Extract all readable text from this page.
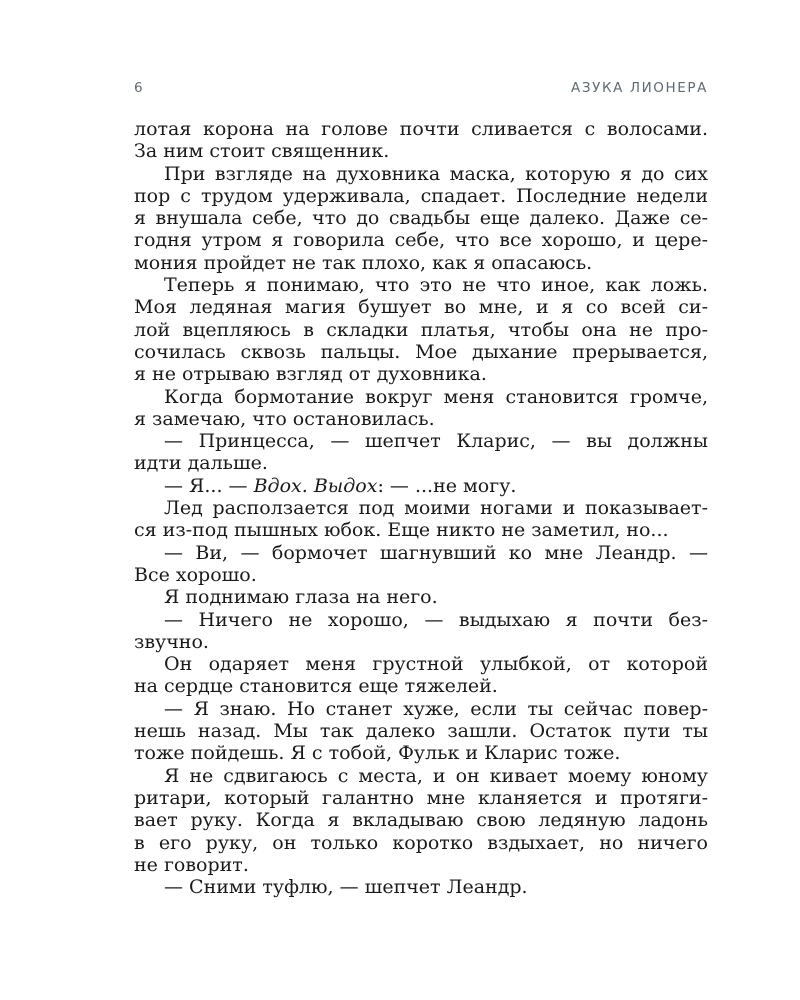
6	АЗУКА ЛИОНЕРА
лотая корона на голове почти сливается с волосами.
За ним стоит священник.
При взгляде на духовника маска, которую я до сих
пор с трудом удерживала, спадает. Последние недели
я внушала себе, что до свадьбы еще далеко. Даже се-
годня утром я говорила себе, что все хорошо, и цере-
мония пройдет не так плохо, как я опасаюсь.
Теперь я понимаю, что это не что иное, как ложь.
Моя ледяная магия бушует во мне, и я со всей си-
лой вцепляюсь в складки платья, чтобы она не про-
сочилась сквозь пальцы. Мое дыхание прерывается,
я не отрываю взгляд от духовника.
Когда бормотание вокруг меня становится громче,
я замечаю, что остановилась.
— Принцесса, — шепчет Кларис, — вы должны
идти дальше.
— Я... — Вдох. Выдох: — ...не могу.
Лед расползается под моими ногами и показывает-
ся из-под пышных юбок. Еще никто не заметил, но...
— Ви, — бормочет шагнувший ко мне Леандр. —
Все хорошо.
Я поднимаю глаза на него.
— Ничего не хорошо, — выдыхаю я почти без-
звучно.
Он одаряет меня грустной улыбкой, от которой
на сердце становится еще тяжелей.
— Я знаю. Но станет хуже, если ты сейчас повер-
нешь назад. Мы так далеко зашли. Остаток пути ты
тоже пойдешь. Я с тобой, Фульк и Кларис тоже.
Я не сдвигаюсь с места, и он кивает моему юному
ритари, который галантно мне кланяется и протяги-
вает руку. Когда я вкладываю свою ледяную ладонь
в его руку, он только коротко вздыхает, но ничего
не говорит.
— Сними туфлю, — шепчет Леандр.
